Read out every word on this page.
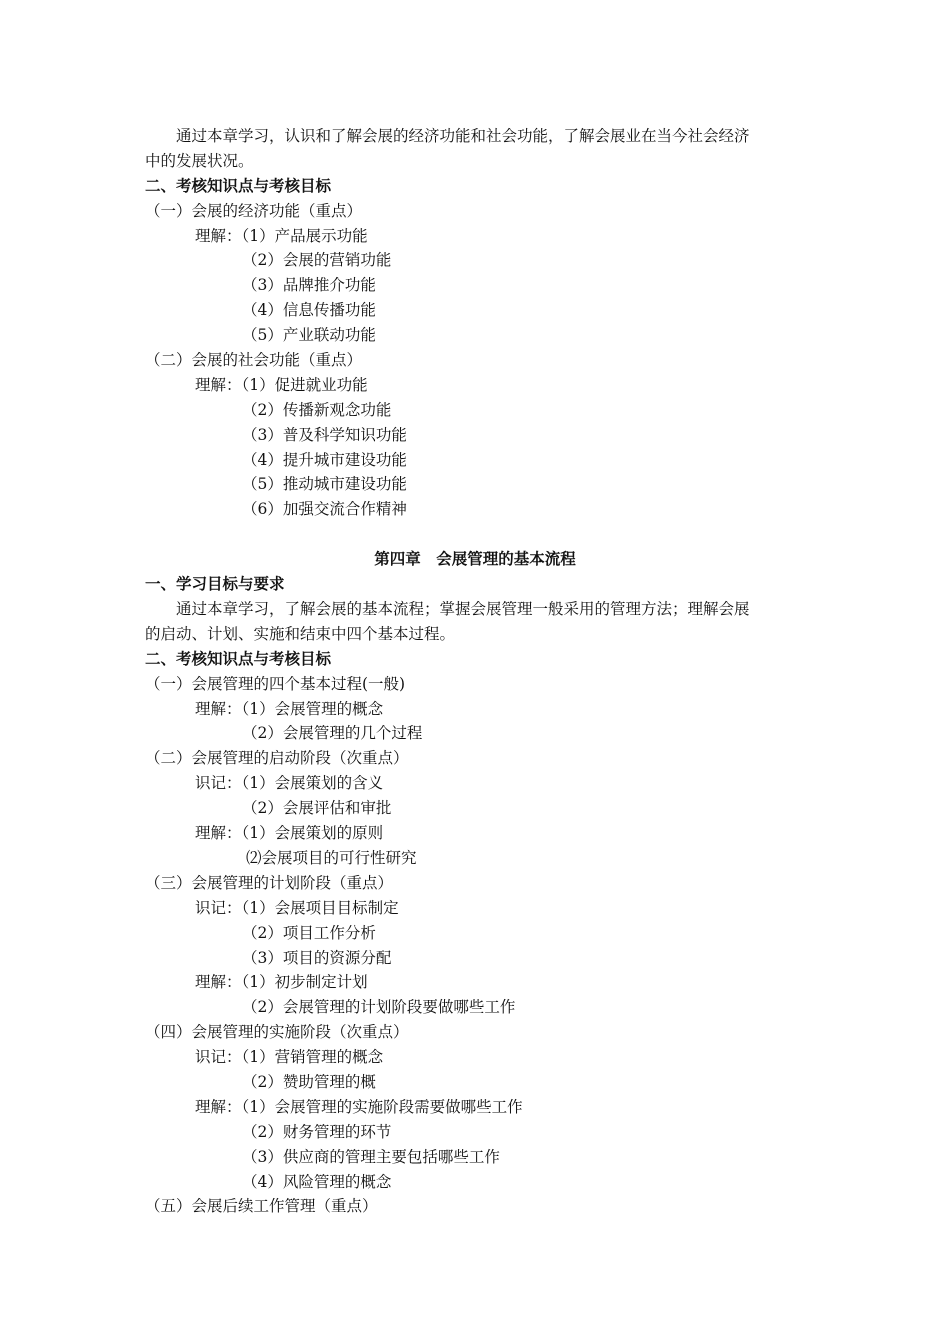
通过本章学习，认识和了解会展的经济功能和社会功能，了解会展业在当今社会经济
中的发展状况。
二、考核知识点与考核目标
（一）会展的经济功能（重点）
理解：（1）产品展示功能
（2）会展的营销功能
（3）品牌推介功能
（4）信息传播功能
（5）产业联动功能
（二）会展的社会功能（重点）
理解：（1）促进就业功能
（2）传播新观念功能
（3）普及科学知识功能
（4）提升城市建设功能
（5）推动城市建设功能
（6）加强交流合作精神
第四章　会展管理的基本流程
一、学习目标与要求
通过本章学习，了解会展的基本流程；掌握会展管理一般采用的管理方法；理解会展
的启动、计划、实施和结束中四个基本过程。
二、考核知识点与考核目标
（一）会展管理的四个基本过程(一般)
理解：（1）会展管理的概念
（2）会展管理的几个过程
（二）会展管理的启动阶段（次重点）
识记：（1）会展策划的含义
（2）会展评估和审批
理解：（1）会展策划的原则
⑵会展项目的可行性研究
（三）会展管理的计划阶段（重点）
识记：（1）会展项目目标制定
（2）项目工作分析
（3）项目的资源分配
理解：（1）初步制定计划
（2）会展管理的计划阶段要做哪些工作
（四）会展管理的实施阶段（次重点）
识记：（1）营销管理的概念
（2）赞助管理的概
理解：（1）会展管理的实施阶段需要做哪些工作
（2）财务管理的环节
（3）供应商的管理主要包括哪些工作
（4）风险管理的概念
（五）会展后续工作管理（重点）
